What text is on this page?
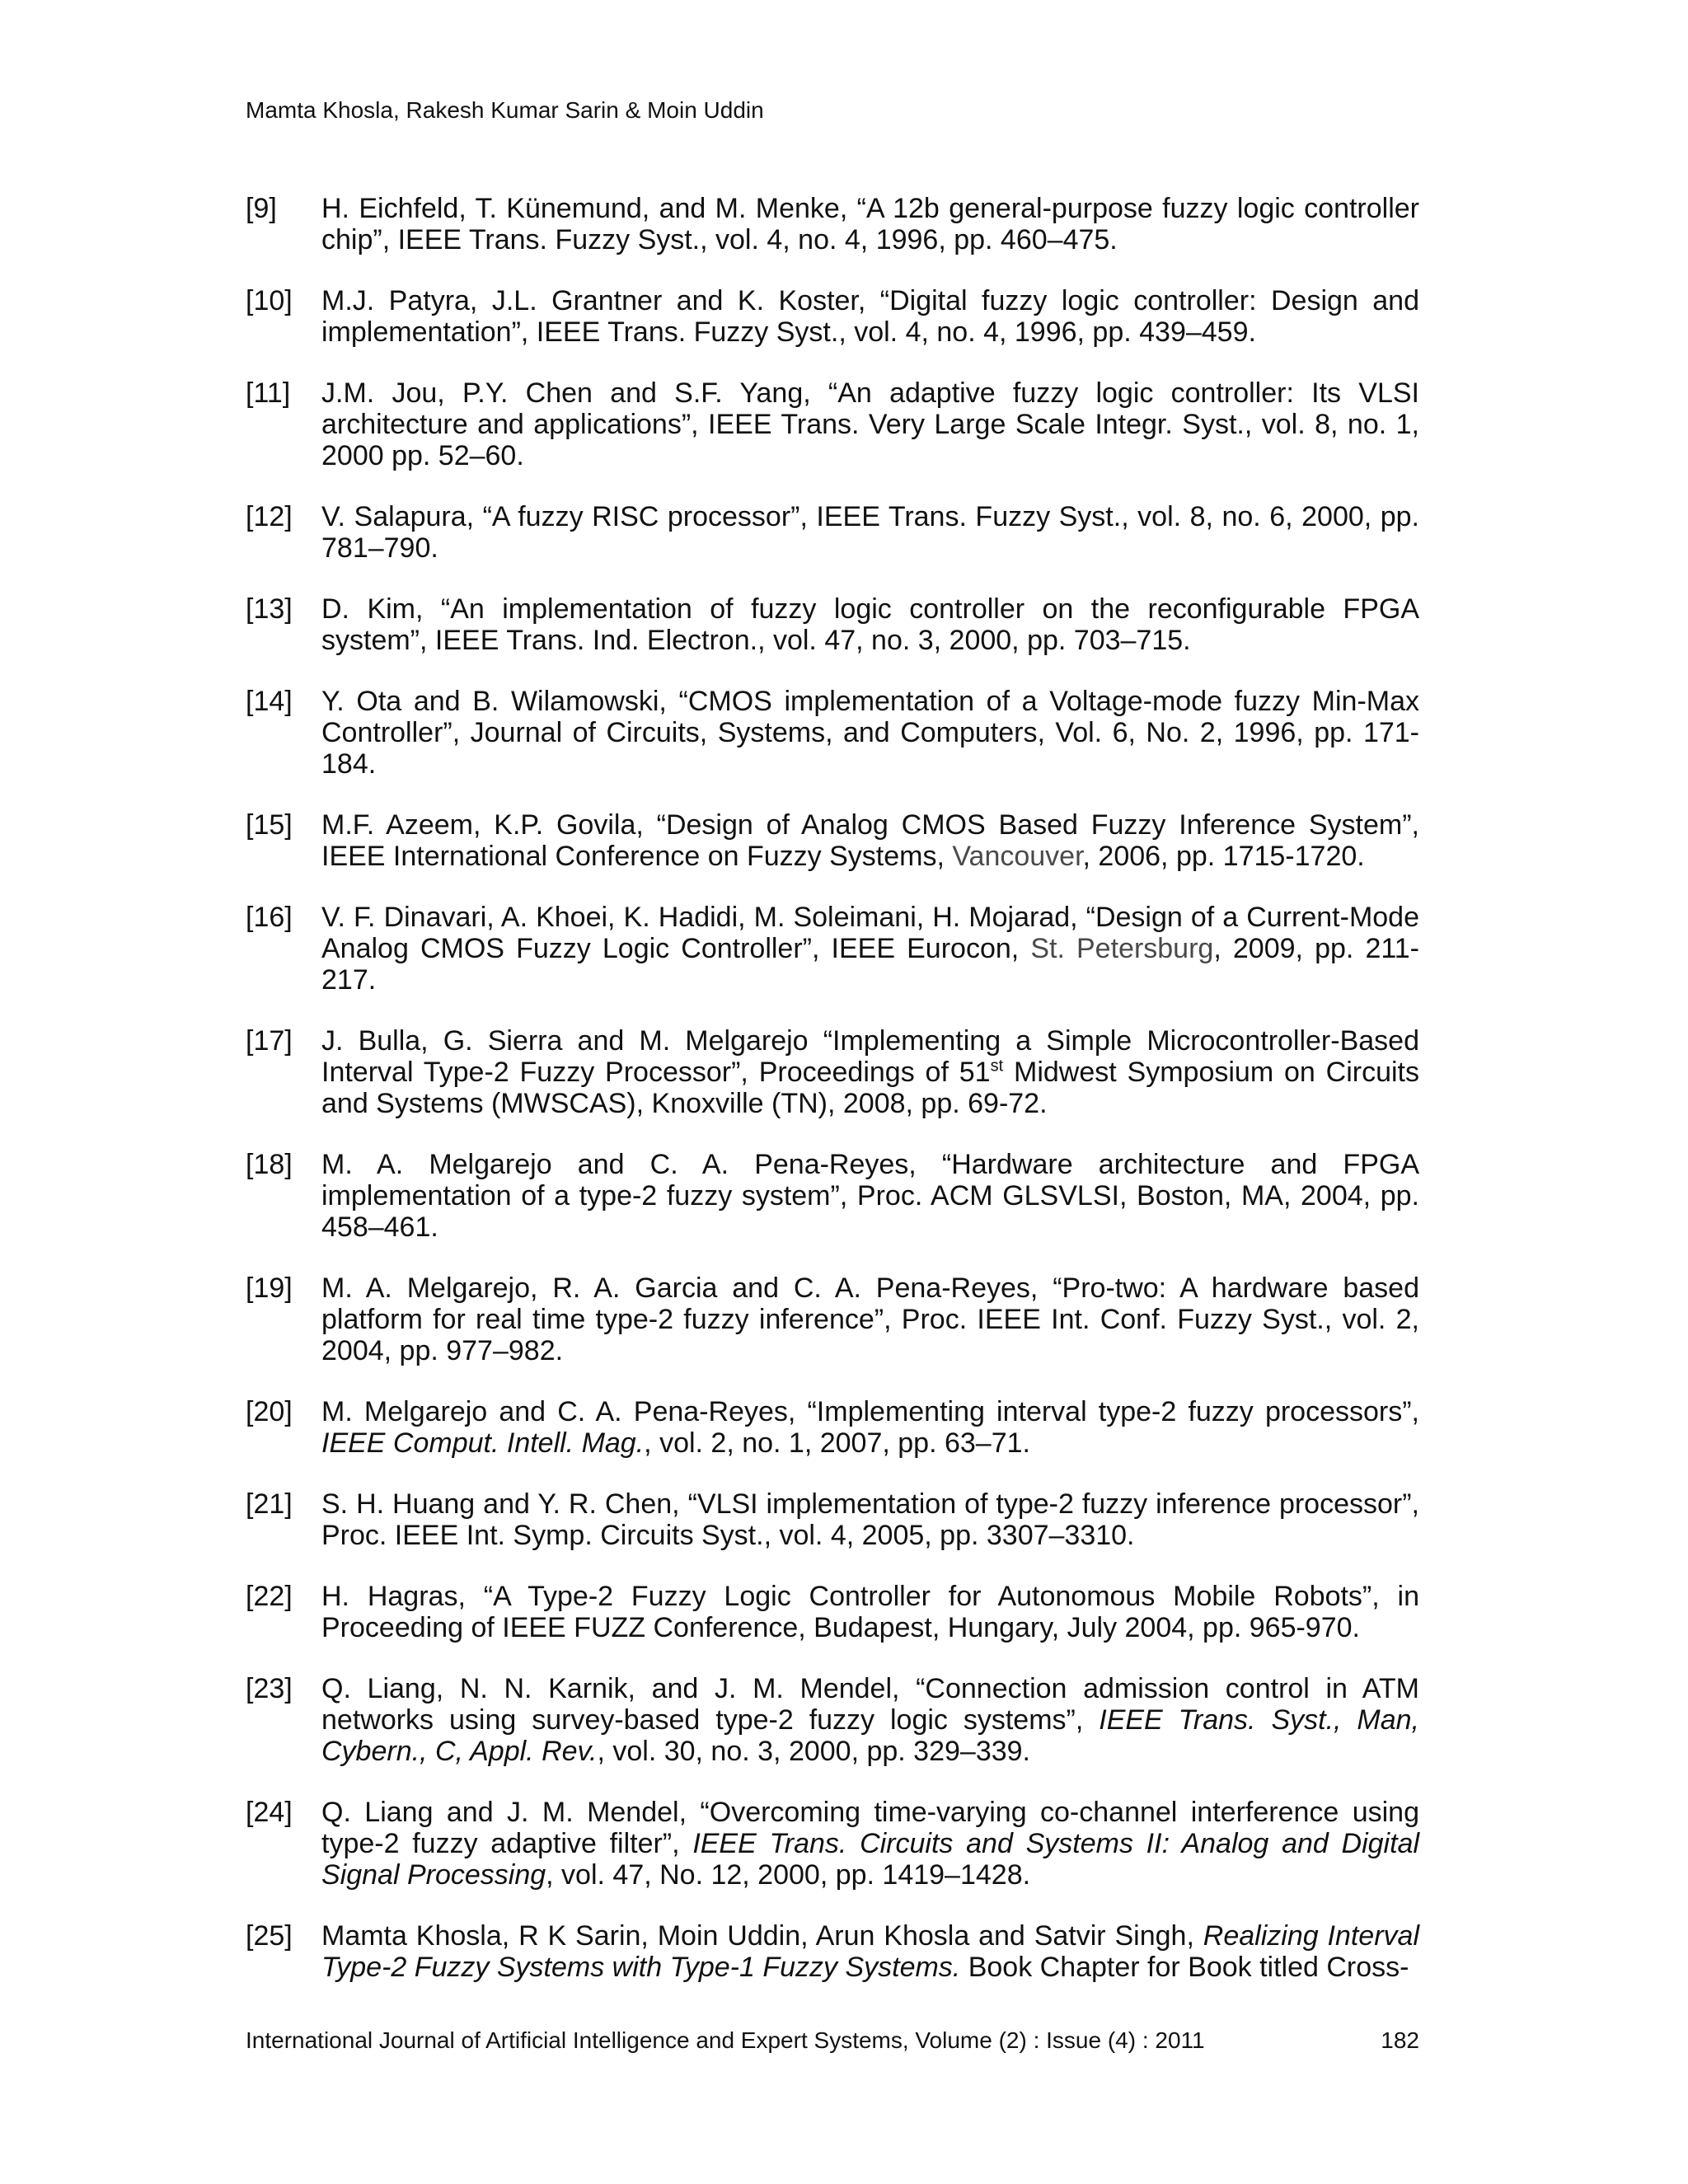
Mamta Khosla, Rakesh Kumar Sarin & Moin Uddin
[9] H. Eichfeld, T. Künemund, and M. Menke, “A 12b general-purpose fuzzy logic controller chip”, IEEE Trans. Fuzzy Syst., vol. 4, no. 4, 1996, pp. 460–475.
[10] M.J. Patyra, J.L. Grantner and K. Koster, “Digital fuzzy logic controller: Design and implementation”, IEEE Trans. Fuzzy Syst., vol. 4, no. 4, 1996, pp. 439–459.
[11] J.M. Jou, P.Y. Chen and S.F. Yang, “An adaptive fuzzy logic controller: Its VLSI architecture and applications”, IEEE Trans. Very Large Scale Integr. Syst., vol. 8, no. 1, 2000 pp. 52–60.
[12] V. Salapura, “A fuzzy RISC processor”, IEEE Trans. Fuzzy Syst., vol. 8, no. 6, 2000, pp. 781–790.
[13] D. Kim, “An implementation of fuzzy logic controller on the reconfigurable FPGA system”, IEEE Trans. Ind. Electron., vol. 47, no. 3, 2000, pp. 703–715.
[14] Y. Ota and B. Wilamowski, “CMOS implementation of a Voltage-mode fuzzy Min-Max Controller”, Journal of Circuits, Systems, and Computers, Vol. 6, No. 2, 1996, pp. 171-184.
[15] M.F. Azeem, K.P. Govila, “Design of Analog CMOS Based Fuzzy Inference System”, IEEE International Conference on Fuzzy Systems, Vancouver, 2006, pp. 1715-1720.
[16] V. F. Dinavari, A. Khoei, K. Hadidi, M. Soleimani, H. Mojarad, “Design of a Current-Mode Analog CMOS Fuzzy Logic Controller”, IEEE Eurocon, St. Petersburg, 2009, pp. 211-217.
[17] J. Bulla, G. Sierra and M. Melgarejo “Implementing a Simple Microcontroller-Based Interval Type-2 Fuzzy Processor”, Proceedings of 51st Midwest Symposium on Circuits and Systems (MWSCAS), Knoxville (TN), 2008, pp. 69-72.
[18] M. A. Melgarejo and C. A. Pena-Reyes, “Hardware architecture and FPGA implementation of a type-2 fuzzy system”, Proc. ACM GLSVLSI, Boston, MA, 2004, pp. 458–461.
[19] M. A. Melgarejo, R. A. Garcia and C. A. Pena-Reyes, “Pro-two: A hardware based platform for real time type-2 fuzzy inference”, Proc. IEEE Int. Conf. Fuzzy Syst., vol. 2, 2004, pp. 977–982.
[20] M. Melgarejo and C. A. Pena-Reyes, “Implementing interval type-2 fuzzy processors”, IEEE Comput. Intell. Mag., vol. 2, no. 1, 2007, pp. 63–71.
[21] S. H. Huang and Y. R. Chen, “VLSI implementation of type-2 fuzzy inference processor”, Proc. IEEE Int. Symp. Circuits Syst., vol. 4, 2005, pp. 3307–3310.
[22] H. Hagras, “A Type-2 Fuzzy Logic Controller for Autonomous Mobile Robots”, in Proceeding of IEEE FUZZ Conference, Budapest, Hungary, July 2004, pp. 965-970.
[23] Q. Liang, N. N. Karnik, and J. M. Mendel, “Connection admission control in ATM networks using survey-based type-2 fuzzy logic systems”, IEEE Trans. Syst., Man, Cybern., C, Appl. Rev., vol. 30, no. 3, 2000, pp. 329–339.
[24] Q. Liang and J. M. Mendel, “Overcoming time-varying co-channel interference using type-2 fuzzy adaptive filter”, IEEE Trans. Circuits and Systems II: Analog and Digital Signal Processing, vol. 47, No. 12, 2000, pp. 1419–1428.
[25] Mamta Khosla, R K Sarin, Moin Uddin, Arun Khosla and Satvir Singh, Realizing Interval Type-2 Fuzzy Systems with Type-1 Fuzzy Systems. Book Chapter for Book titled Cross-
International Journal of Artificial Intelligence and Expert Systems, Volume (2) : Issue (4) : 2011	182
